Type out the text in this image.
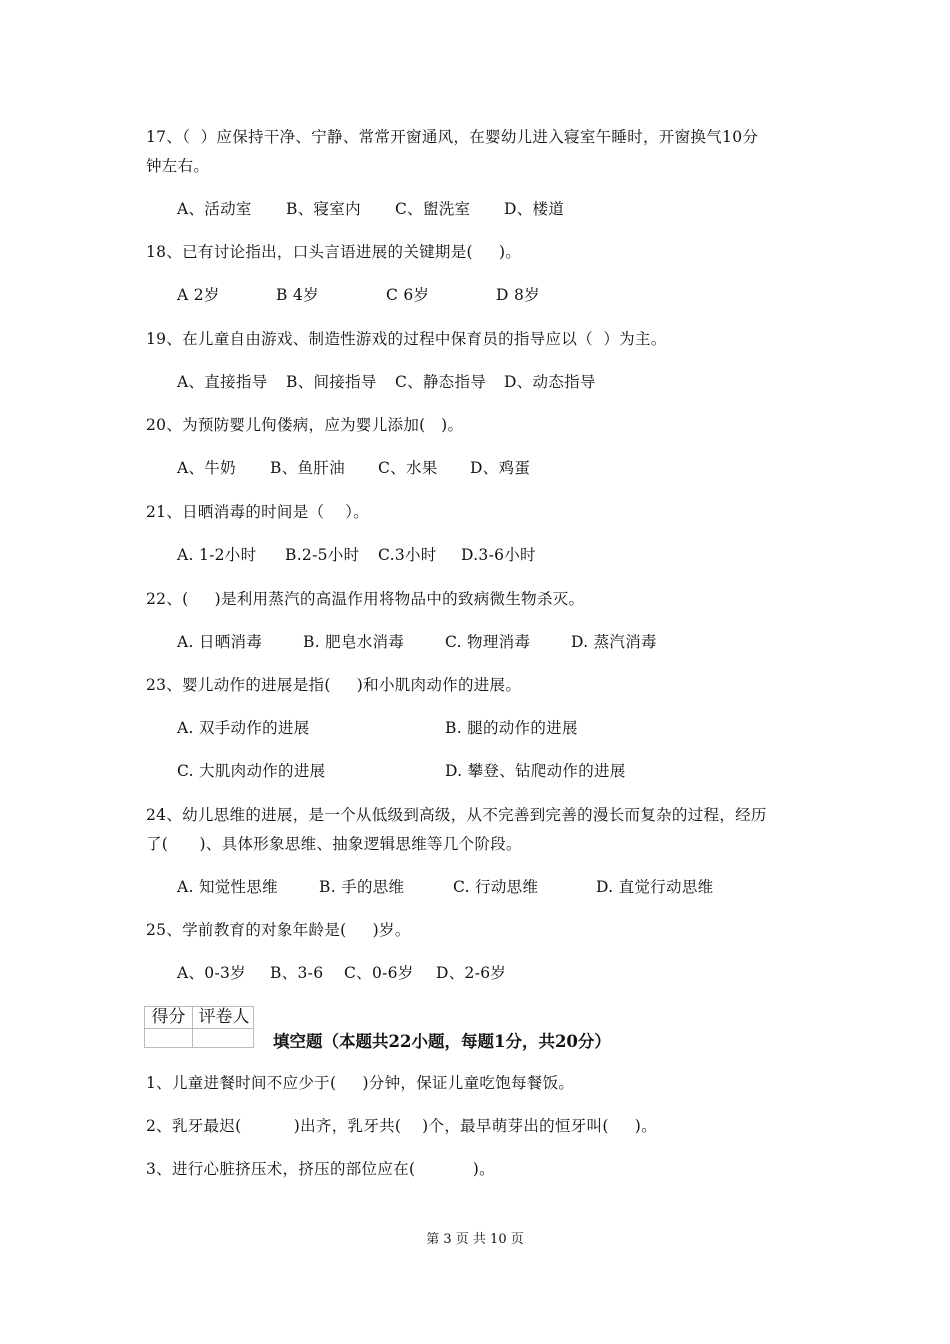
17、（  ）应保持干净、宁静、常常开窗通风，在婴幼儿进入寝室午睡时，开窗换气10分
钟左右。
A、活动室 B、寝室内 C、盥洗室 D、楼道
18、已有讨论指出，口头言语进展的关键期是(     )。
A 2岁	B 4岁	C 6岁	D 8岁
19、在儿童自由游戏、制造性游戏的过程中保育员的指导应以（  ）为主。
A、直接指导 B、间接指导 C、静态指导 D、动态指导
20、为预防婴儿佝偻病，应为婴儿添加(   )。
A、牛奶 B、鱼肝油 C、水果 D、鸡蛋
21、日晒消毒的时间是（    ）。
A. 1-2小时 B.2-5小时 C.3小时 D.3-6小时
22、(     )是利用蒸汽的高温作用将物品中的致病微生物杀灭。
A. 日晒消毒	B. 肥皂水消毒	C. 物理消毒	D. 蒸汽消毒
23、婴儿动作的进展是指(     )和小肌肉动作的进展。
A. 双手动作的进展	B. 腿的动作的进展
C. 大肌肉动作的进展	D. 攀登、钻爬动作的进展
24、幼儿思维的进展，是一个从低级到高级，从不完善到完善的漫长而复杂的过程，经历
了(      )、具体形象思维、抽象逻辑思维等几个阶段。
A. 知觉性思维	B. 手的思维	C. 行动思维	D. 直觉行动思维
25、学前教育的对象年龄是(     )岁。
A、0-3岁 B、3-6 C、0-6岁 D、2-6岁
得分 评卷人
填空题（本题共22小题，每题1分，共20分）
1、儿童进餐时间不应少于(     )分钟，保证儿童吃饱每餐饭。
2、乳牙最迟(          )出齐，乳牙共(    )个，最早萌芽出的恒牙叫(     )。
3、进行心脏挤压术，挤压的部位应在(           )。
第 3 页 共 10 页
